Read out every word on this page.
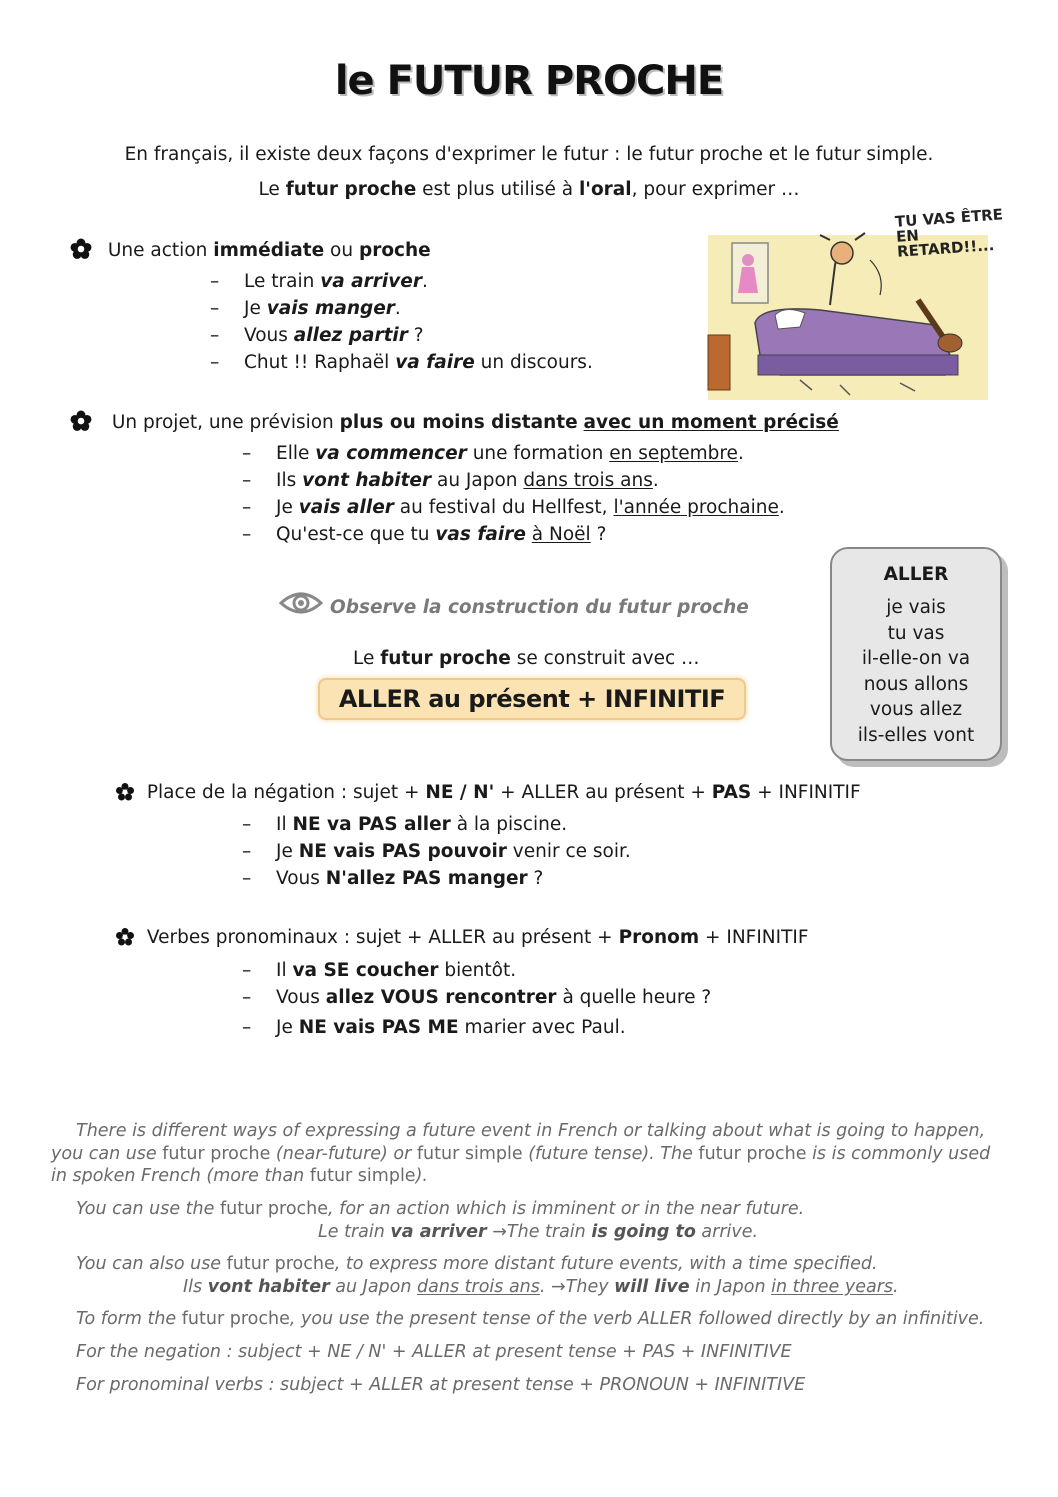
le FUTUR PROCHE
En français, il existe deux façons d'exprimer le futur : le futur proche et le futur simple.
Le futur proche est plus utilisé à l'oral, pour exprimer …
Une action immédiate ou proche
– Le train va arriver.
– Je vais manger.
– Vous allez partir ?
– Chut !! Raphaël va faire un discours.
TU VAS ÊTRE EN RETARD!!...
Un projet, une prévision plus ou moins distante avec un moment précisé
– Elle va commencer une formation en septembre.
– Ils vont habiter au Japon dans trois ans.
– Je vais aller au festival du Hellfest, l'année prochaine.
– Qu'est-ce que tu vas faire à Noël ?
ALLER
je vais
tu vas
il-elle-on va
nous allons
vous allez
ils-elles vont
Observe la construction du futur proche
Le futur proche se construit avec …
ALLER au présent + INFINITIF
Place de la négation : sujet + NE / N' + ALLER au présent + PAS + INFINITIF
– Il NE va PAS aller à la piscine.
– Je NE vais PAS pouvoir venir ce soir.
– Vous N'allez PAS manger ?
Verbes pronominaux : sujet + ALLER au présent + Pronom + INFINITIF
– Il va SE coucher bientôt.
– Vous allez VOUS rencontrer à quelle heure ?
– Je NE vais PAS ME marier avec Paul.
There is different ways of expressing a future event in French or talking about what is going to happen,
you can use futur proche (near-future) or futur simple (future tense). The futur proche is is commonly used
in spoken French (more than futur simple).
You can use the futur proche, for an action which is imminent or in the near future.
Le train va arriver →The train is going to arrive.
You can also use futur proche, to express more distant future events, with a time specified.
Ils vont habiter au Japon dans trois ans. →They will live in Japon in three years.
To form the futur proche, you use the present tense of the verb ALLER followed directly by an infinitive.
For the negation : subject + NE / N' + ALLER at present tense + PAS + INFINITIVE
For pronominal verbs : subject + ALLER at present tense + PRONOUN + INFINITIVE
